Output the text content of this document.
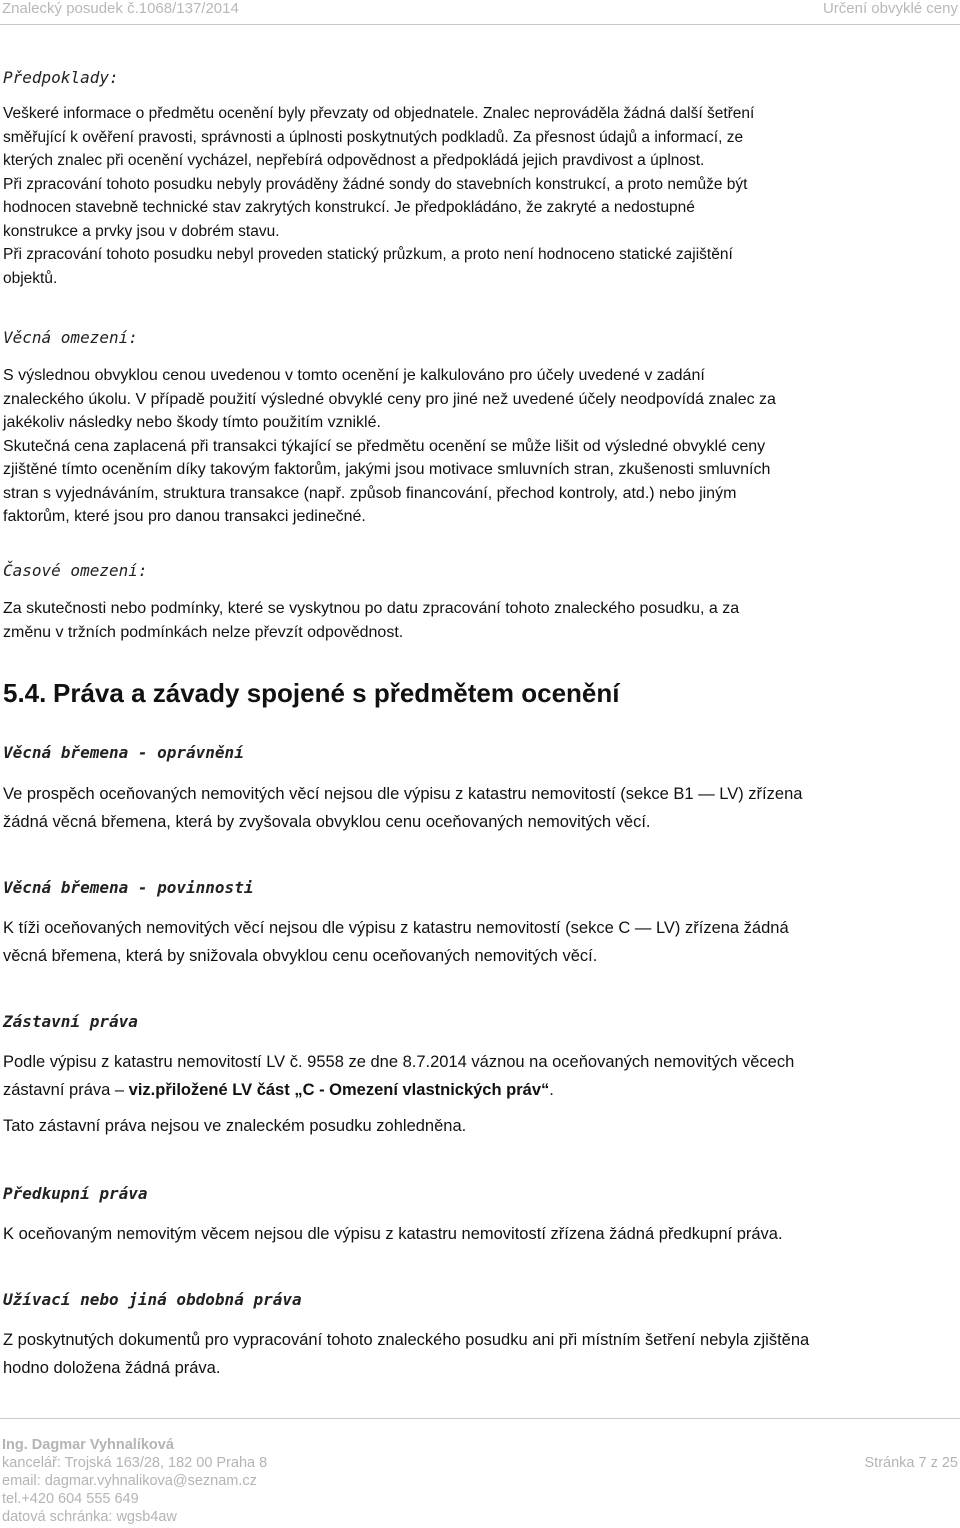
Znalecký posudek č.1068/137/2014	Určení obvyklé ceny

Předpoklady:

Veškeré informace o předmětu ocenění byly převzaty od objednatele. Znalec neprováděla žádná další šetření

směřující k ověření pravosti, správnosti a úplnosti poskytnutých podkladů. Za přesnost údajů a informací, ze

kterých znalec při ocenění vycházel, nepřebírá odpovědnost a předpokládá jejich pravdivost a úplnost.

Při zpracování tohoto posudku nebyly prováděny žádné sondy do stavebních konstrukcí, a proto nemůže být

hodnocen stavebně technické stav zakrytých konstrukcí. Je předpokládáno, že zakryté a nedostupné

konstrukce a prvky jsou v dobrém stavu.

Při zpracování tohoto posudku nebyl proveden statický průzkum, a proto není hodnoceno statické zajištění

objektů.

Věcná omezení:

S výslednou obvyklou cenou uvedenou v tomto ocenění je kalkulováno pro účely uvedené v zadání

znaleckého úkolu. V případě použití výsledné obvyklé ceny pro jiné než uvedené účely neodpovídá znalec za

jakékoliv následky nebo škody tímto použitím vzniklé.

Skutečná cena zaplacená při transakci týkající se předmětu ocenění se může lišit od výsledné obvyklé ceny

zjištěné tímto oceněním díky takovým faktorům, jakými jsou motivace smluvních stran, zkušenosti smluvních

stran s vyjednáváním, struktura transakce (např. způsob financování, přechod kontroly, atd.) nebo jiným

faktorům, které jsou pro danou transakci jedinečné.

Časové omezení:

Za skutečnosti nebo podmínky, které se vyskytnou po datu zpracování tohoto znaleckého posudku, a za

změnu v tržních podmínkách nelze převzít odpovědnost.

5.4. Práva a závady spojené s předmětem ocenění

Věcná břemena - oprávnění

Ve prospěch oceňovaných nemovitých věcí nejsou dle výpisu z katastru nemovitostí (sekce B1 — LV) zřízena

žádná věcná břemena, která by zvyšovala obvyklou cenu oceňovaných nemovitých věcí.

Věcná břemena - povinnosti

K tíži oceňovaných nemovitých věcí nejsou dle výpisu z katastru nemovitostí (sekce C — LV) zřízena žádná

věcná břemena, která by snižovala obvyklou cenu oceňovaných nemovitých věcí.

Zástavní práva

Podle výpisu z katastru nemovitostí LV č. 9558 ze dne 8.7.2014 váznou na oceňovaných nemovitých věcech

zástavní práva – viz.přiložené LV část „C - Omezení vlastnických práv“.

Tato zástavní práva nejsou ve znaleckém posudku zohledněna.

Předkupní práva

K oceňovaným nemovitým věcem nejsou dle výpisu z katastru nemovitostí zřízena žádná předkupní práva.

Užívací nebo jiná obdobná práva

Z poskytnutých dokumentů pro vypracování tohoto znaleckého posudku ani při místním šetření nebyla zjištěna

hodno doložena žádná práva.

Ing. Dagmar Vyhnalíková
kancelář: Trojská 163/28, 182 00 Praha 8
email: dagmar.vyhnalikova@seznam.cz
tel.+420 604 555 649
datová schránka: wgsb4aw
Stránka 7 z 25
